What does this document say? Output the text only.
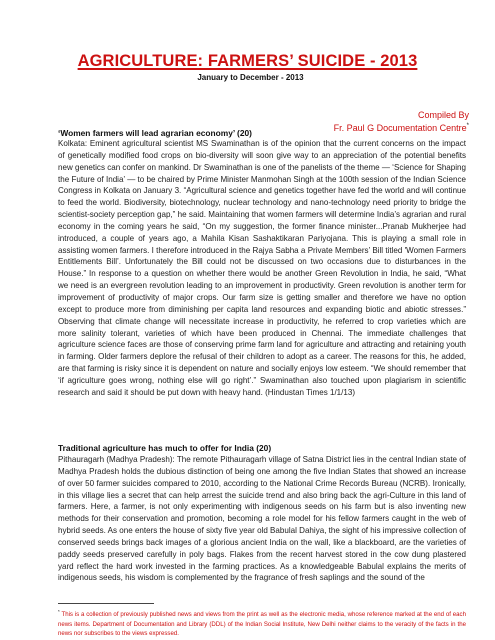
AGRICULTURE: FARMERS’ SUICIDE - 2013
January to December - 2013
Compiled By
Fr. Paul G Documentation Centre*
‘Women farmers will lead agrarian economy’ (20)

Kolkata: Eminent agricultural scientist MS Swaminathan is of the opinion that the current concerns on the impact of genetically modified food crops on bio-diversity will soon give way to an appreciation of the potential benefits new genetics can confer on mankind. Dr Swaminathan is one of the panelists of the theme — ‘Science for Shaping the Future of India’ — to be chaired by Prime Minister Manmohan Singh at the 100th session of the Indian Science Congress in Kolkata on January 3. “Agricultural science and genetics together have fed the world and will continue to feed the world. Biodiversity, biotechnology, nuclear technology and nano-technology need priority to bridge the scientist-society perception gap,” he said. Maintaining that women farmers will determine India’s agrarian and rural economy in the coming years he said, “On my suggestion, the former finance minister...Pranab Mukherjee had introduced, a couple of years ago, a Mahila Kisan Sashaktikaran Pariyojana. This is playing a small role in assisting women farmers. I therefore introduced in the Rajya Sabha a Private Members’ Bill titled 'Women Farmers Entitlements Bill’. Unfortunately the Bill could not be discussed on two occasions due to disturbances in the House.” In response to a question on whether there would be another Green Revolution in India, he said, “What we need is an evergreen revolution leading to an improvement in productivity. Green revolution is another term for improvement of productivity of major crops. Our farm size is getting smaller and therefore we have no option except to produce more from diminishing per capita land resources and expanding biotic and abiotic stresses.” Observing that climate change will necessitate increase in productivity, he referred to crop varieties which are more salinity tolerant, varieties of which have been produced in Chennai. The immediate challenges that agriculture science faces are those of conserving prime farm land for agriculture and attracting and retaining youth in farming. Older farmers deplore the refusal of their children to adopt as a career. The reasons for this, he added, are that farming is risky since it is dependent on nature and socially enjoys low esteem. “We should remember that ‘if agriculture goes wrong, nothing else will go right’.” Swaminathan also touched upon plagiarism in scientific research and said it should be put down with heavy hand. (Hindustan Times 1/1/13)

Traditional agriculture has much to offer for India (20)

Pithauragarh (Madhya Pradesh): The remote Pithauragarh village of Satna District lies in the central Indian state of Madhya Pradesh holds the dubious distinction of being one among the five Indian States that showed an increase of over 50 farmer suicides compared to 2010, according to the National Crime Records Bureau (NCRB). Ironically, in this village lies a secret that can help arrest the suicide trend and also bring back the agri-Culture in this land of farmers. Here, a farmer, is not only experimenting with indigenous seeds on his farm but is also inventing new methods for their conservation and promotion, becoming a role model for his fellow farmers caught in the web of hybrid seeds. As one enters the house of sixty five year old Babulal Dahiya, the sight of his impressive collection of conserved seeds brings back images of a glorious ancient India on the wall, like a blackboard, are the varieties of paddy seeds preserved carefully in poly bags. Flakes from the recent harvest stored in the cow dung plastered yard reflect the hard work invested in the farming practices. As a knowledgeable Babulal explains the merits of indigenous seeds, his wisdom is complemented by the fragrance of fresh saplings and the sound of the

* This is a collection of previously published news and views from the print as well as the electronic media, whose reference marked at the end of each news items. Department of Documentation and Library (DDL) of the Indian Social Institute, New Delhi neither claims to the veracity of the facts in the news nor subscribes to the views expressed.
